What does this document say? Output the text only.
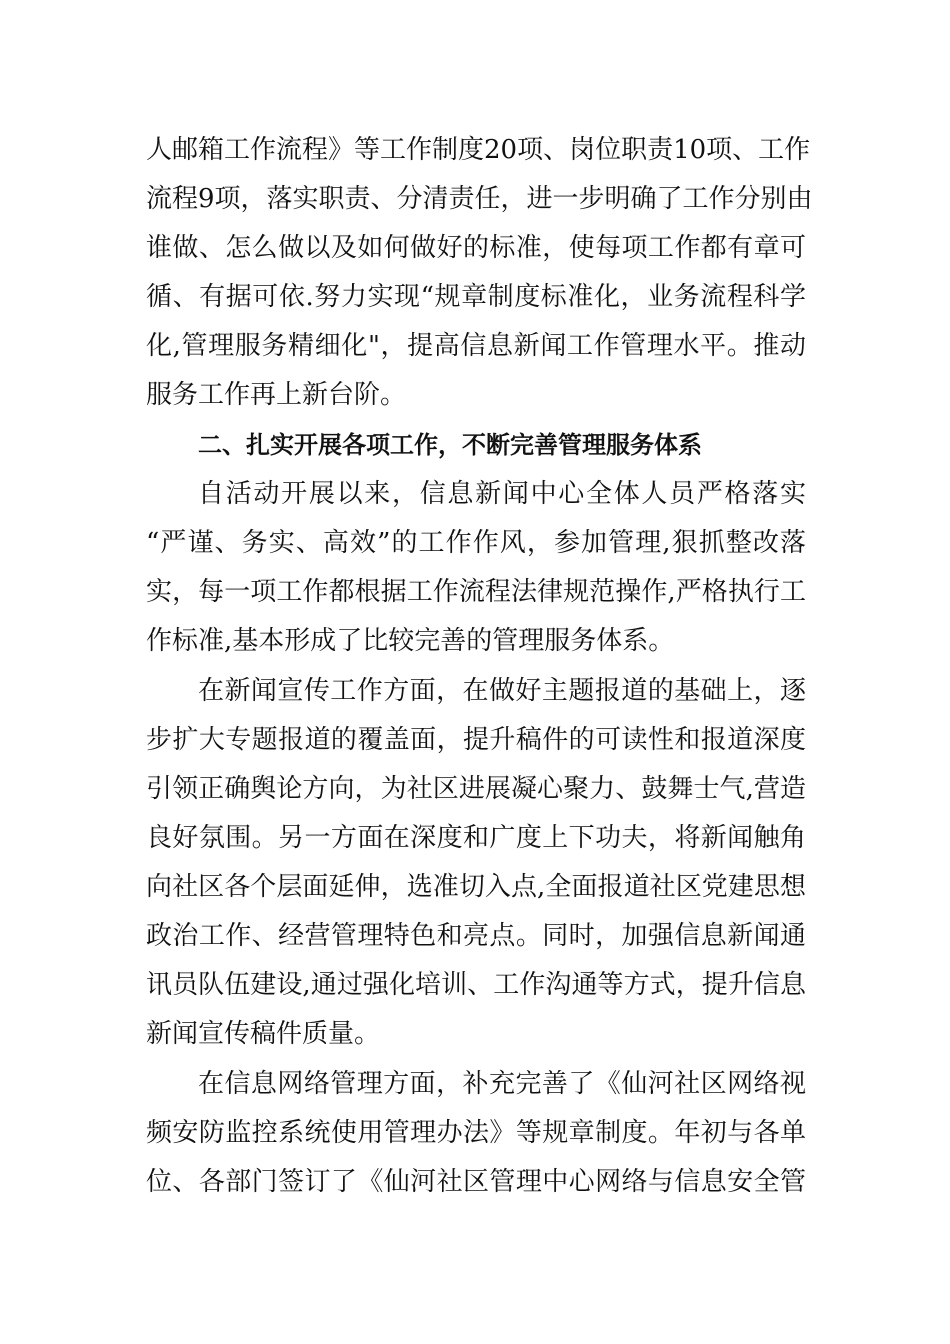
人邮箱工作流程》等工作制度20项、岗位职责10项、工作
流程9项，落实职责、分清责任，进一步明确了工作分别由
谁做、怎么做以及如何做好的标准，使每项工作都有章可
循、有据可依.努力实现“规章制度标准化，业务流程科学
化,管理服务精细化"，提高信息新闻工作管理水平。推动
服务工作再上新台阶。
二、扎实开展各项工作，不断完善管理服务体系
自活动开展以来，信息新闻中心全体人员严格落实
“严谨、务实、高效”的工作作风，参加管理,狠抓整改落
实，每一项工作都根据工作流程法律规范操作,严格执行工
作标准,基本形成了比较完善的管理服务体系。
在新闻宣传工作方面，在做好主题报道的基础上，逐
步扩大专题报道的覆盖面，提升稿件的可读性和报道深度
引领正确舆论方向，为社区进展凝心聚力、鼓舞士气,营造
良好氛围。另一方面在深度和广度上下功夫，将新闻触角
向社区各个层面延伸，选准切入点,全面报道社区党建思想
政治工作、经营管理特色和亮点。同时，加强信息新闻通
讯员队伍建设,通过强化培训、工作沟通等方式，提升信息
新闻宣传稿件质量。
在信息网络管理方面，补充完善了《仙河社区网络视
频安防监控系统使用管理办法》等规章制度。年初与各单
位、各部门签订了《仙河社区管理中心网络与信息安全管
